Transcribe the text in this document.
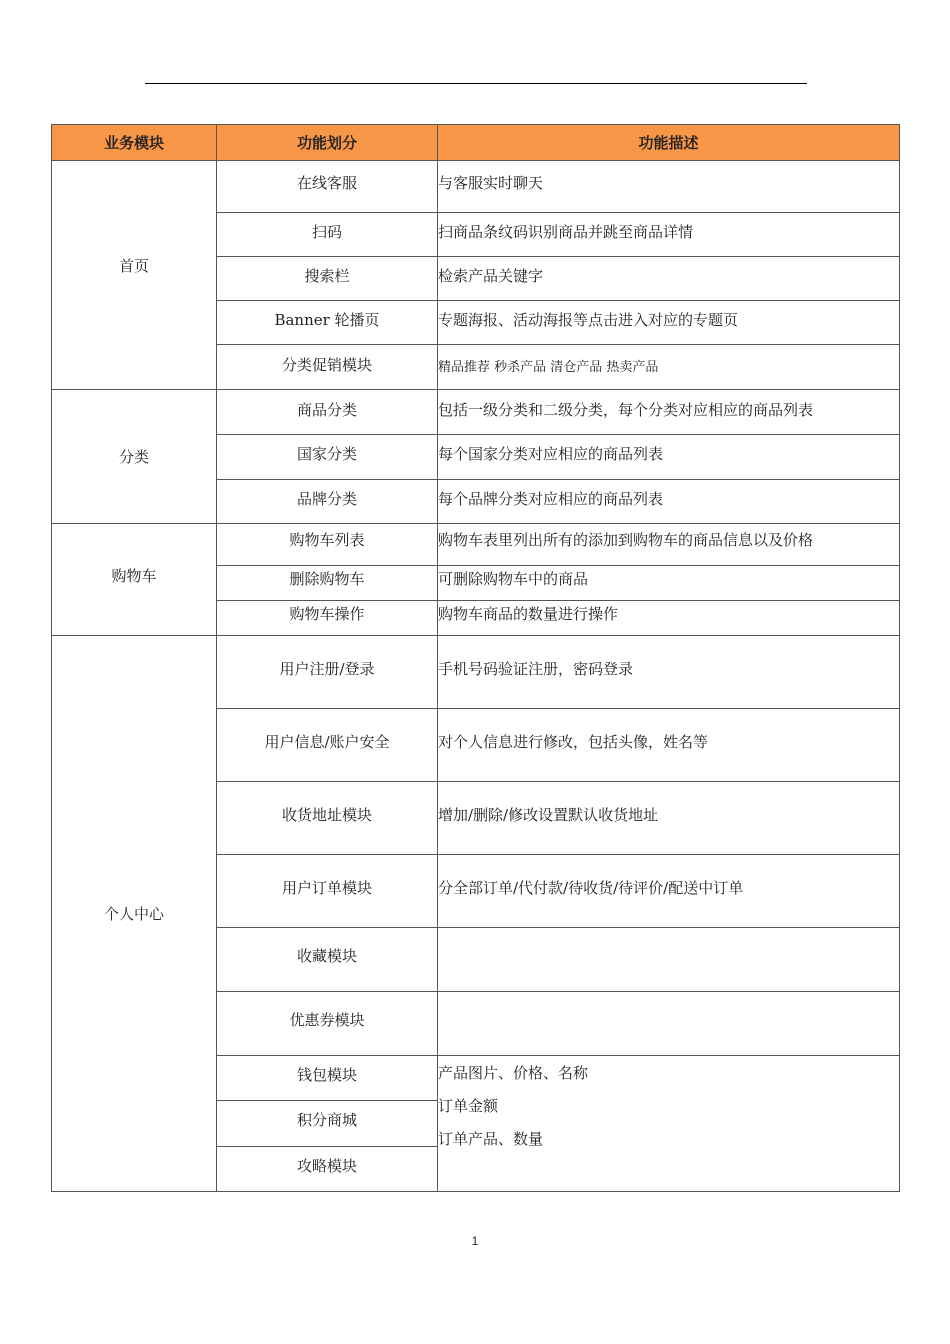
业务模块	功能划分	功能描述
首页	在线客服	与客服实时聊天

	扫码	扫商品条纹码识别商品并跳至商品详情

	搜索栏	检索产品关键字

	Banner 轮播页	专题海报、活动海报等点击进入对应的专题页

	分类促销模块	精品推荐 秒杀产品 清仓产品 热卖产品

分类	商品分类	包括一级分类和二级分类，每个分类对应相应的商品列表

	国家分类	每个国家分类对应相应的商品列表

	品牌分类	每个品牌分类对应相应的商品列表

购物车	购物车列表	购物车表里列出所有的添加到购物车的商品信息以及价格

	删除购物车	可删除购物车中的商品

	购物车操作	购物车商品的数量进行操作

个人中心	用户注册/登录	手机号码验证注册，密码登录

	用户信息/账户安全	对个人信息进行修改，包括头像，姓名等

	收货地址模块	增加/删除/修改设置默认收货地址

	用户订单模块	分全部订单/代付款/待收货/待评价/配送中订单

	收藏模块	

	优惠券模块	

	钱包模块	产品图片、价格、名称
订单金额
订单产品、数量

	积分商城	

	攻略模块	
1
